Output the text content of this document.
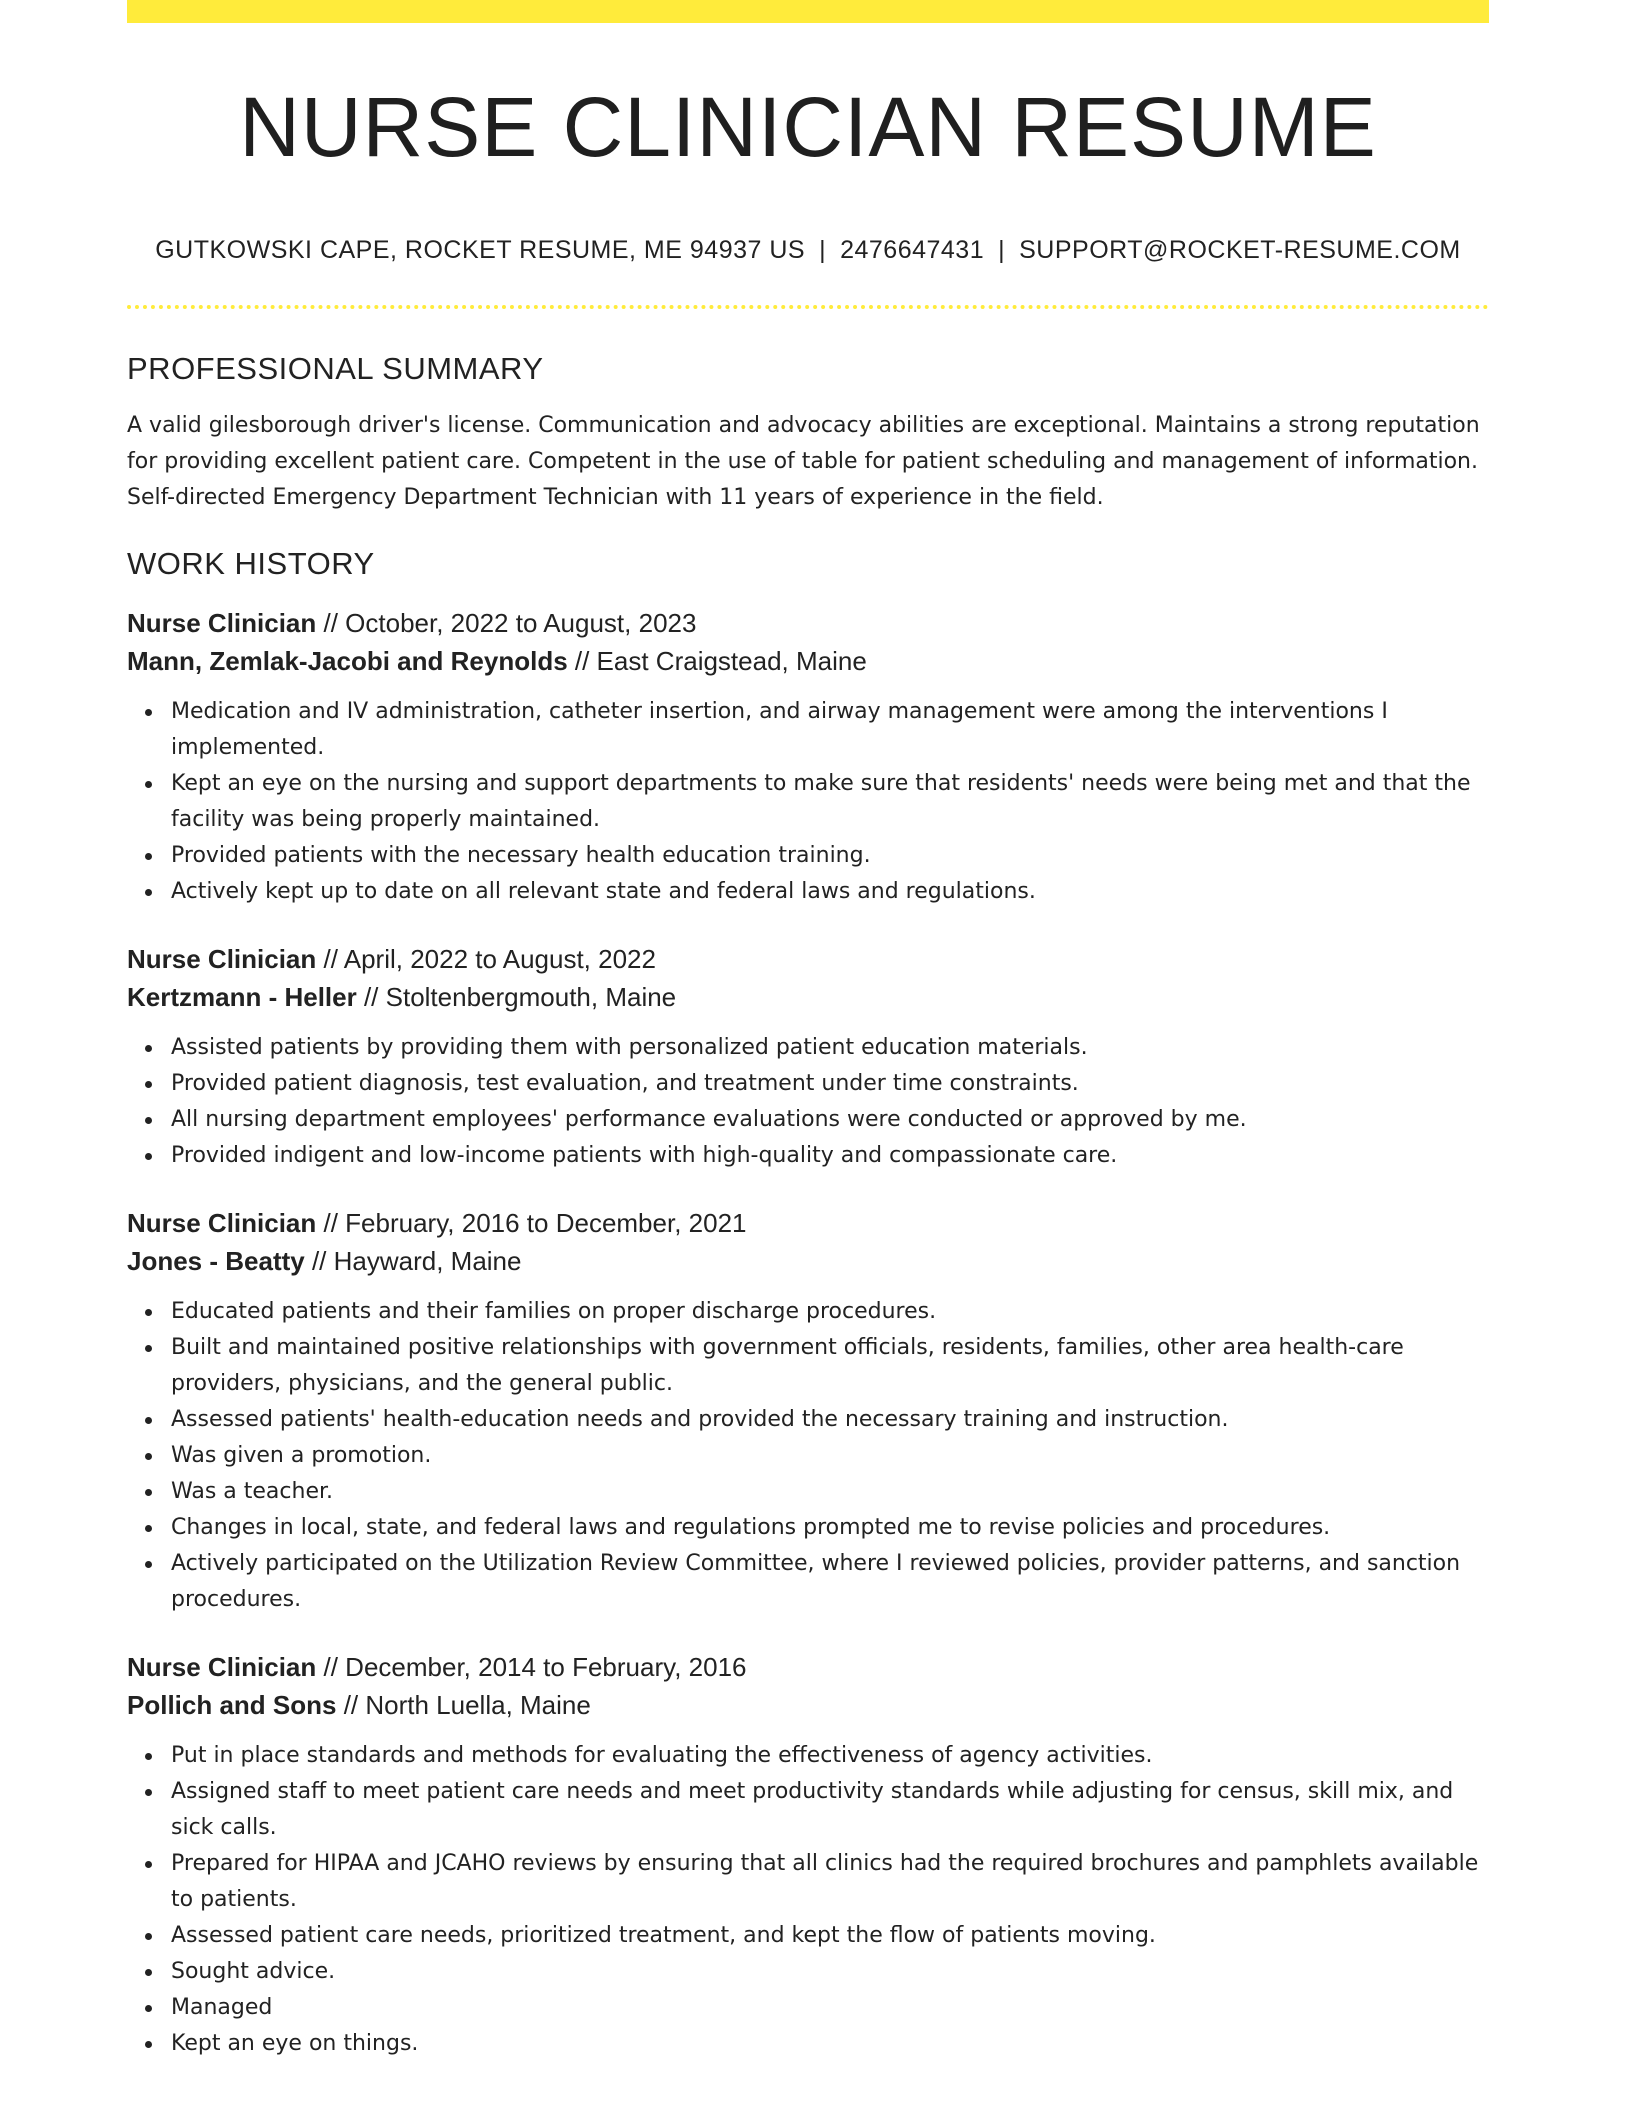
NURSE CLINICIAN RESUME
GUTKOWSKI CAPE, ROCKET RESUME, ME 94937 US | 2476647431 | SUPPORT@ROCKET-RESUME.COM
PROFESSIONAL SUMMARY

A valid gilesborough driver's license. Communication and advocacy abilities are exceptional. Maintains a strong reputation for providing excellent patient care. Competent in the use of table for patient scheduling and management of information. Self-directed Emergency Department Technician with 11 years of experience in the field.

WORK HISTORY
Nurse Clinician // October, 2022 to August, 2023
Mann, Zemlak-Jacobi and Reynolds // East Craigstead, Maine
Medication and IV administration, catheter insertion, and airway management were among the interventions I implemented.
Kept an eye on the nursing and support departments to make sure that residents' needs were being met and that the facility was being properly maintained.
Provided patients with the necessary health education training.
Actively kept up to date on all relevant state and federal laws and regulations.
Nurse Clinician // April, 2022 to August, 2022
Kertzmann - Heller // Stoltenbergmouth, Maine
Assisted patients by providing them with personalized patient education materials.
Provided patient diagnosis, test evaluation, and treatment under time constraints.
All nursing department employees' performance evaluations were conducted or approved by me.
Provided indigent and low-income patients with high-quality and compassionate care.
Nurse Clinician // February, 2016 to December, 2021
Jones - Beatty // Hayward, Maine
Educated patients and their families on proper discharge procedures.
Built and maintained positive relationships with government officials, residents, families, other area health-care providers, physicians, and the general public.
Assessed patients' health-education needs and provided the necessary training and instruction.
Was given a promotion.
Was a teacher.
Changes in local, state, and federal laws and regulations prompted me to revise policies and procedures.
Actively participated on the Utilization Review Committee, where I reviewed policies, provider patterns, and sanction procedures.
Nurse Clinician // December, 2014 to February, 2016
Pollich and Sons // North Luella, Maine
Put in place standards and methods for evaluating the effectiveness of agency activities.
Assigned staff to meet patient care needs and meet productivity standards while adjusting for census, skill mix, and sick calls.
Prepared for HIPAA and JCAHO reviews by ensuring that all clinics had the required brochures and pamphlets available to patients.
Assessed patient care needs, prioritized treatment, and kept the flow of patients moving.
Sought advice.
Managed
Kept an eye on things.
